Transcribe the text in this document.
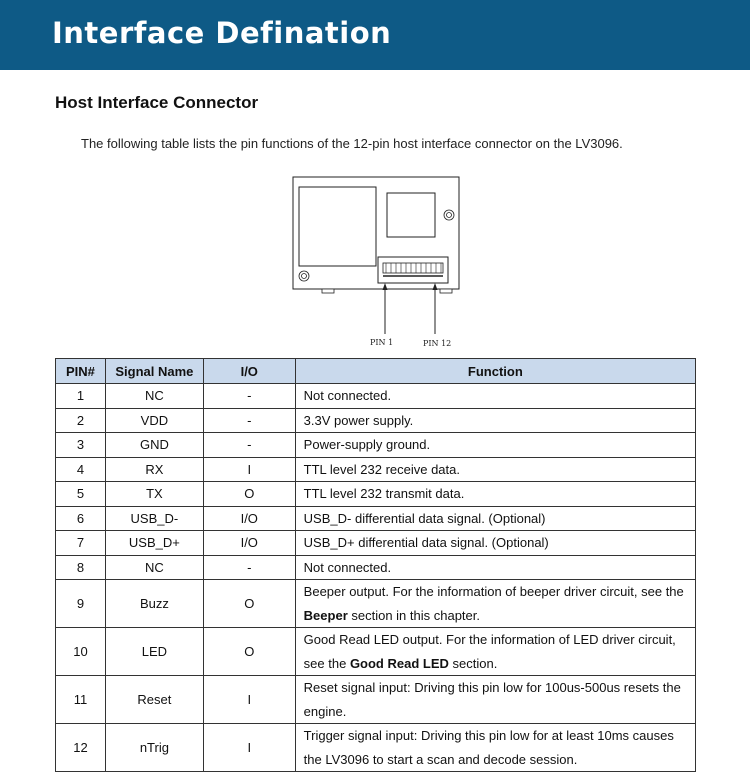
Interface Defination
Host Interface Connector
The following table lists the pin functions of the 12-pin host interface connector on the LV3096.
PIN 1	PIN 12
PIN#	Signal Name	I/O	Function
1	NC	-	Not connected.
2	VDD	-	3.3V power supply.
3	GND	-	Power-supply ground.
4	RX	I	TTL level 232 receive data.
5	TX	O	TTL level 232 transmit data.
6	USB_D-	I/O	USB_D- differential data signal. (Optional)
7	USB_D+	I/O	USB_D+ differential data signal. (Optional)
8	NC	-	Not connected.
9	Buzz	O	Beeper output. For the information of beeper driver circuit, see the Beeper section in this chapter.
10	LED	O	Good Read LED output. For the information of LED driver circuit, see the Good Read LED section.
11	Reset	I	Reset signal input: Driving this pin low for 100us-500us resets the engine.
12	nTrig	I	Trigger signal input: Driving this pin low for at least 10ms causes the LV3096 to start a scan and decode session.
